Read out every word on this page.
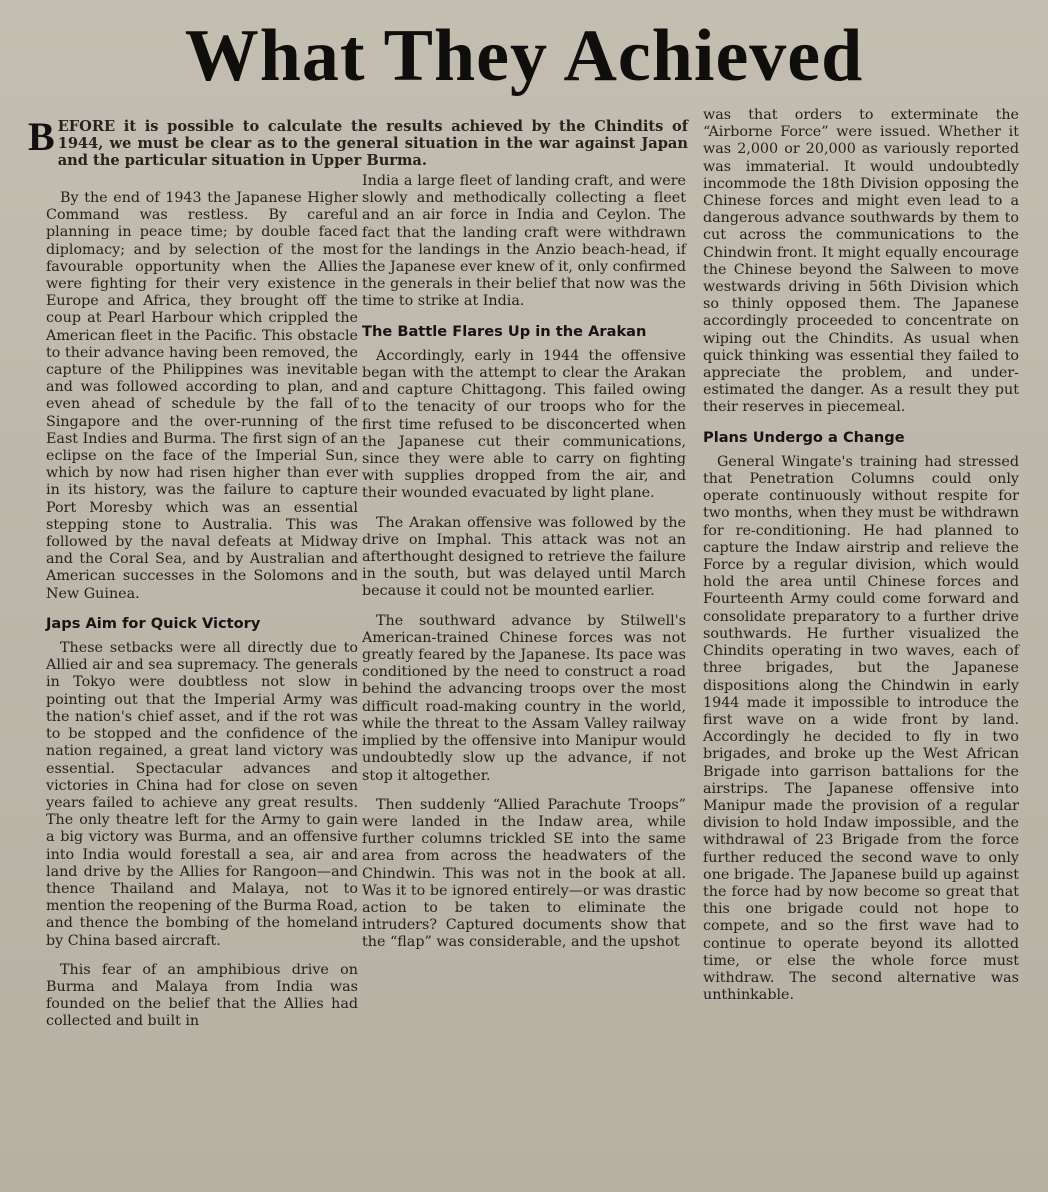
What They Achieved
BEFORE it is possible to calculate the results achieved by the Chindits of 1944, we must be clear as to the general situation in the war against Japan and the particular situation in Upper Burma.

By the end of 1943 the Japanese Higher Command was restless. By careful planning in peace time; by double faced diplomacy; and by selection of the most favourable opportunity when the Allies were fighting for their very existence in Europe and Africa, they brought off the coup at Pearl Harbour which crippled the American fleet in the Pacific. This obstacle to their advance having been removed, the capture of the Philippines was inevitable and was followed according to plan, and even ahead of schedule by the fall of Singapore and the over-running of the East Indies and Burma. The first sign of an eclipse on the face of the Imperial Sun, which by now had risen higher than ever in its history, was the failure to capture Port Moresby which was an essential stepping stone to Australia. This was followed by the naval defeats at Midway and the Coral Sea, and by Australian and American successes in the Solomons and New Guinea.

Japs Aim for Quick Victory

These setbacks were all directly due to Allied air and sea supremacy. The generals in Tokyo were doubtless not slow in pointing out that the Imperial Army was the nation's chief asset, and if the rot was to be stopped and the confidence of the nation regained, a great land victory was essential. Spectacular advances and victories in China had for close on seven years failed to achieve any great results. The only theatre left for the Army to gain a big victory was Burma, and an offensive into India would forestall a sea, air and land drive by the Allies for Rangoon—and thence Thailand and Malaya, not to mention the reopening of the Burma Road, and thence the bombing of the homeland by China based aircraft.

This fear of an amphibious drive on Burma and Malaya from India was founded on the belief that the Allies had collected and built in

India a large fleet of landing craft, and were slowly and methodically collecting a fleet and an air force in India and Ceylon. The fact that the landing craft were withdrawn for the landings in the Anzio beach-head, if the Japanese ever knew of it, only confirmed the generals in their belief that now was the time to strike at India.

The Battle Flares Up in the Arakan

Accordingly, early in 1944 the offensive began with the attempt to clear the Arakan and capture Chittagong. This failed owing to the tenacity of our troops who for the first time refused to be disconcerted when the Japanese cut their communications, since they were able to carry on fighting with supplies dropped from the air, and their wounded evacuated by light plane.

The Arakan offensive was followed by the drive on Imphal. This attack was not an afterthought designed to retrieve the failure in the south, but was delayed until March because it could not be mounted earlier.

The southward advance by Stilwell's American-trained Chinese forces was not greatly feared by the Japanese. Its pace was conditioned by the need to construct a road behind the advancing troops over the most difficult road-making country in the world, while the threat to the Assam Valley railway implied by the offensive into Manipur would undoubtedly slow up the advance, if not stop it altogether.

Then suddenly “Allied Parachute Troops” were landed in the Indaw area, while further columns trickled SE into the same area from across the headwaters of the Chindwin. This was not in the book at all. Was it to be ignored entirely—or was drastic action to be taken to eliminate the intruders? Captured documents show that the “flap” was considerable, and the upshot

was that orders to exterminate the “Airborne Force” were issued. Whether it was 2,000 or 20,000 as variously reported was immaterial. It would undoubtedly incommode the 18th Division opposing the Chinese forces and might even lead to a dangerous advance southwards by them to cut across the communications to the Chindwin front. It might equally encourage the Chinese beyond the Salween to move westwards driving in 56th Division which so thinly opposed them. The Japanese accordingly proceeded to concentrate on wiping out the Chindits. As usual when quick thinking was essential they failed to appreciate the problem, and under-estimated the danger. As a result they put their reserves in piecemeal.

Plans Undergo a Change

General Wingate's training had stressed that Penetration Columns could only operate continuously without respite for two months, when they must be withdrawn for re-conditioning. He had planned to capture the Indaw airstrip and relieve the Force by a regular division, which would hold the area until Chinese forces and Fourteenth Army could come forward and consolidate preparatory to a further drive southwards. He further visualized the Chindits operating in two waves, each of three brigades, but the Japanese dispositions along the Chindwin in early 1944 made it impossible to introduce the first wave on a wide front by land. Accordingly he decided to fly in two brigades, and broke up the West African Brigade into garrison battalions for the airstrips. The Japanese offensive into Manipur made the provision of a regular division to hold Indaw impossible, and the withdrawal of 23 Brigade from the force further reduced the second wave to only one brigade. The Japanese build up against the force had by now become so great that this one brigade could not hope to compete, and so the first wave had to continue to operate beyond its allotted time, or else the whole force must withdraw. The second alternative was unthinkable.
